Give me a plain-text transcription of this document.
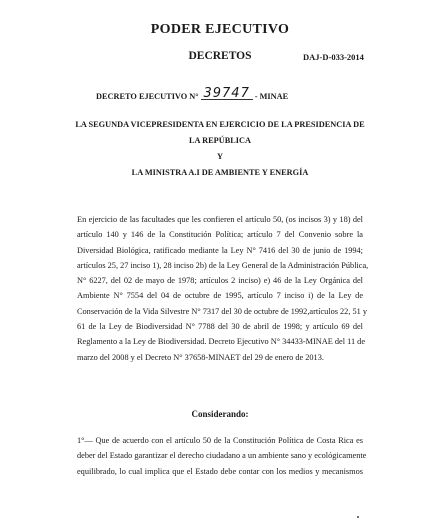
PODER EJECUTIVO
DECRETOS	DAJ-D-033-2014
DECRETO EJECUTIVO N° 39747 - MINAE
LA SEGUNDA VICEPRESIDENTA EN EJERCICIO DE LA PRESIDENCIA DE
LA REPÚBLICA
Y
LA MINISTRA A.I DE AMBIENTE Y ENERGÍA
En ejercicio de las facultades que les confieren el artículo 50, (os incisos 3) y 18) del
artículo 140 y 146 de la Constitución Política; artículo 7 del Convenio sobre la
Diversidad Biológica, ratificado mediante la Ley N° 7416 del 30 de junio de 1994;
artículos 25, 27 inciso 1), 28 inciso 2b) de la Ley General de la Administración Pública,
N° 6227, del 02 de mayo de 1978; artículos 2 inciso) e) 46 de la Ley Orgánica del
Ambiente N° 7554 del 04 de octubre de 1995, artículo 7 inciso i) de la Ley de
Conservación de la Vida Silvestre N° 7317 del 30 de octubre de 1992,artículos 22, 51 y
61 de la Ley de Biodiversidad N° 7788 del 30 de abril de 1998; y artículo 69 del
Reglamento a la Ley de Biodiversidad. Decreto Ejecutivo N° 34433-MINAE del 11 de
marzo del 2008 y el Decreto N° 37658-MINAET del 29 de enero de 2013.
Considerando:
1°— Que de acuerdo con el artículo 50 de la Constitución Política de Costa Rica es
deber del Estado garantizar el derecho ciudadano a un ambiente sano y ecológicamente
equilibrado, lo cual implica que el Estado debe contar con los medios y mecanismos
